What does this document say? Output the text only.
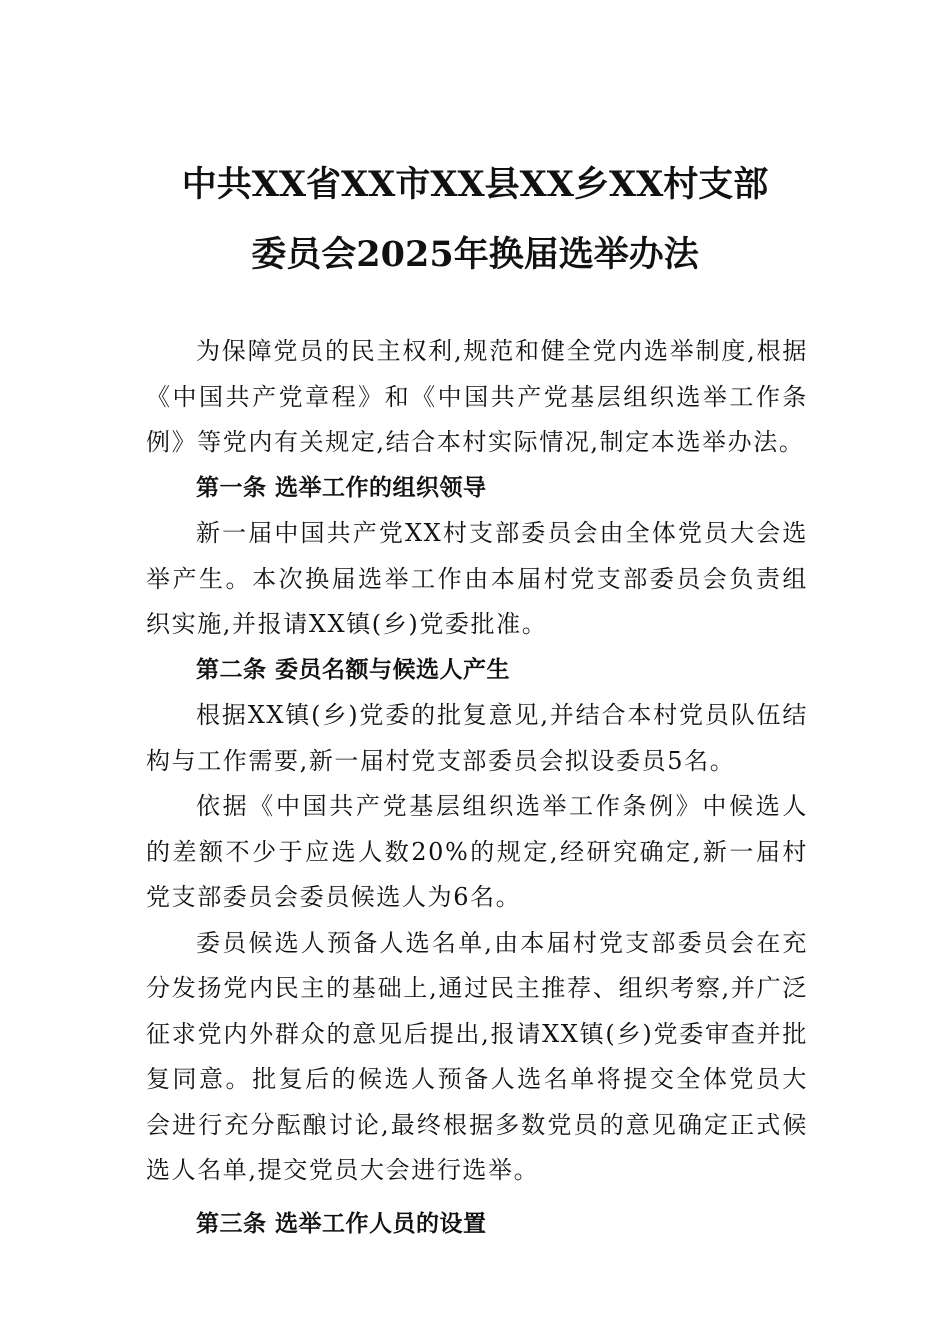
中共XX省XX市XX县XX乡XX村支部
委员会2025年换届选举办法

为保障党员的民主权利,规范和健全党内选举制度,根据《中国共产党章程》和《中国共产党基层组织选举工作条例》等党内有关规定,结合本村实际情况,制定本选举办法。

第一条 选举工作的组织领导

新一届中国共产党XX村支部委员会由全体党员大会选举产生。本次换届选举工作由本届村党支部委员会负责组织实施,并报请XX镇(乡)党委批准。

第二条 委员名额与候选人产生

根据XX镇(乡)党委的批复意见,并结合本村党员队伍结构与工作需要,新一届村党支部委员会拟设委员5名。

依据《中国共产党基层组织选举工作条例》中候选人的差额不少于应选人数20%的规定,经研究确定,新一届村党支部委员会委员候选人为6名。

委员候选人预备人选名单,由本届村党支部委员会在充分发扬党内民主的基础上,通过民主推荐、组织考察,并广泛征求党内外群众的意见后提出,报请XX镇(乡)党委审查并批复同意。批复后的候选人预备人选名单将提交全体党员大会进行充分酝酿讨论,最终根据多数党员的意见确定正式候选人名单,提交党员大会进行选举。

第三条 选举工作人员的设置
